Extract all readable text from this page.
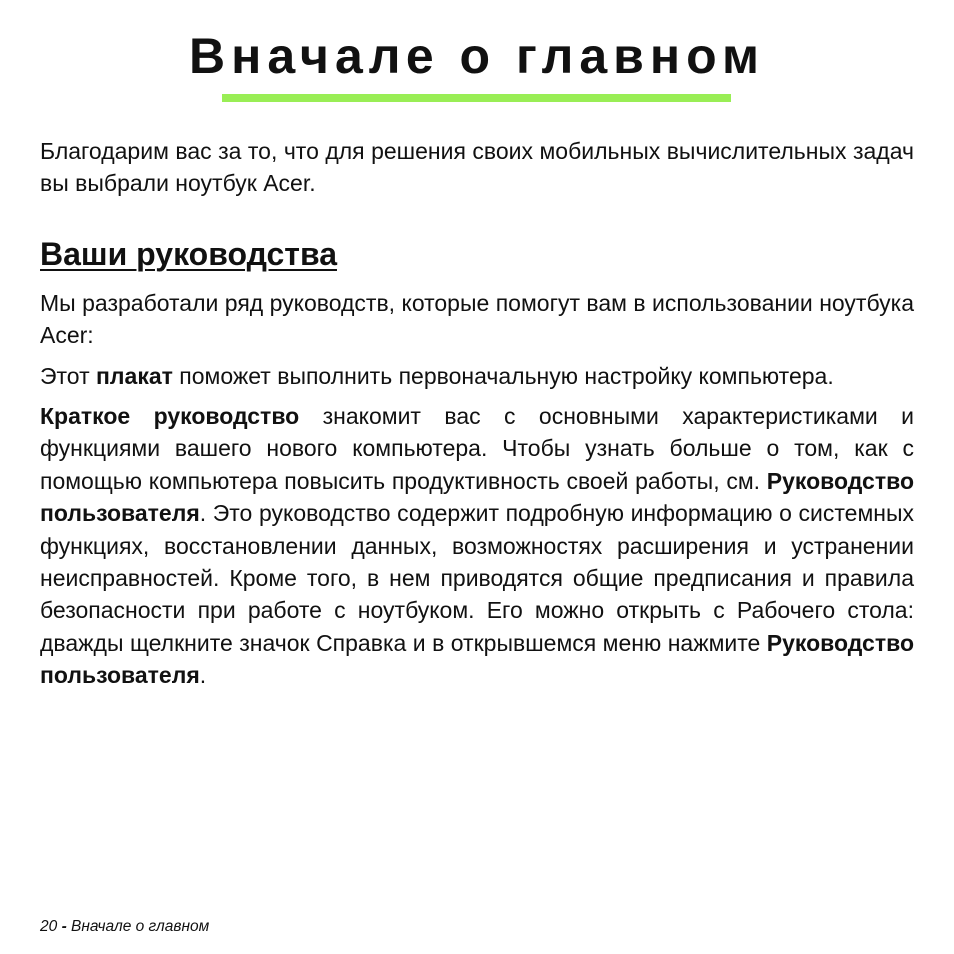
Вначале о главном

Благодарим вас за то, что для решения своих мобильных вычислительных задач вы выбрали ноутбук Acer.

Ваши руководства

Мы разработали ряд руководств, которые помогут вам в использовании ноутбука Acer:

Этот плакат поможет выполнить первоначальную настройку компьютера.

Краткое руководство знакомит вас с основными характеристиками и функциями вашего нового компьютера. Чтобы узнать больше о том, как с помощью компьютера повысить продуктивность своей работы, см. Руководство пользователя. Это руководство содержит подробную информацию о системных функциях, восстановлении данных, возможностях расширения и устранении неисправностей. Кроме того, в нем приводятся общие предписания и правила безопасности при работе с ноутбуком. Его можно открыть с Рабочего стола: дважды щелкните значок Справка и в открывшемся меню нажмите Руководство пользователя.

20 - Вначале о главном
